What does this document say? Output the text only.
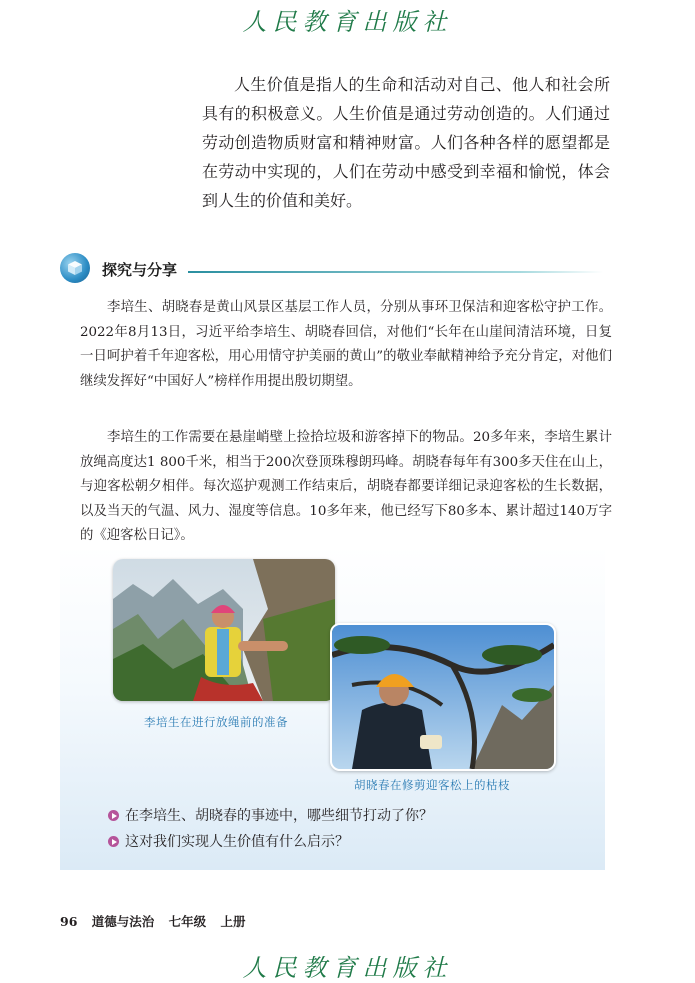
人民教育出版社

人生价值是指人的生命和活动对自己、他人和社会所具有的积极意义。人生价值是通过劳动创造的。人们通过劳动创造物质财富和精神财富。人们各种各样的愿望都是在劳动中实现的，人们在劳动中感受到幸福和愉悦，体会到人生的价值和美好。

探究与分享

李培生、胡晓春是黄山风景区基层工作人员，分别从事环卫保洁和迎客松守护工作。2022年8月13日，习近平给李培生、胡晓春回信，对他们“长年在山崖间清洁环境，日复一日呵护着千年迎客松，用心用情守护美丽的黄山”的敬业奉献精神给予充分肯定，对他们继续发挥好“中国好人”榜样作用提出殷切期望。

李培生的工作需要在悬崖峭壁上捡拾垃圾和游客掉下的物品。20多年来，李培生累计放绳高度达1 800千米，相当于200次登顶珠穆朗玛峰。胡晓春每年有300多天住在山上，与迎客松朝夕相伴。每次巡护观测工作结束后，胡晓春都要详细记录迎客松的生长数据，以及当天的气温、风力、湿度等信息。10多年来，他已经写下80多本、累计超过140万字的《迎客松日记》。

李培生在进行放绳前的准备
胡晓春在修剪迎客松上的枯枝
在李培生、胡晓春的事迹中，哪些细节打动了你？
这对我们实现人生价值有什么启示？
96 道德与法治 七年级 上册
人民教育出版社
